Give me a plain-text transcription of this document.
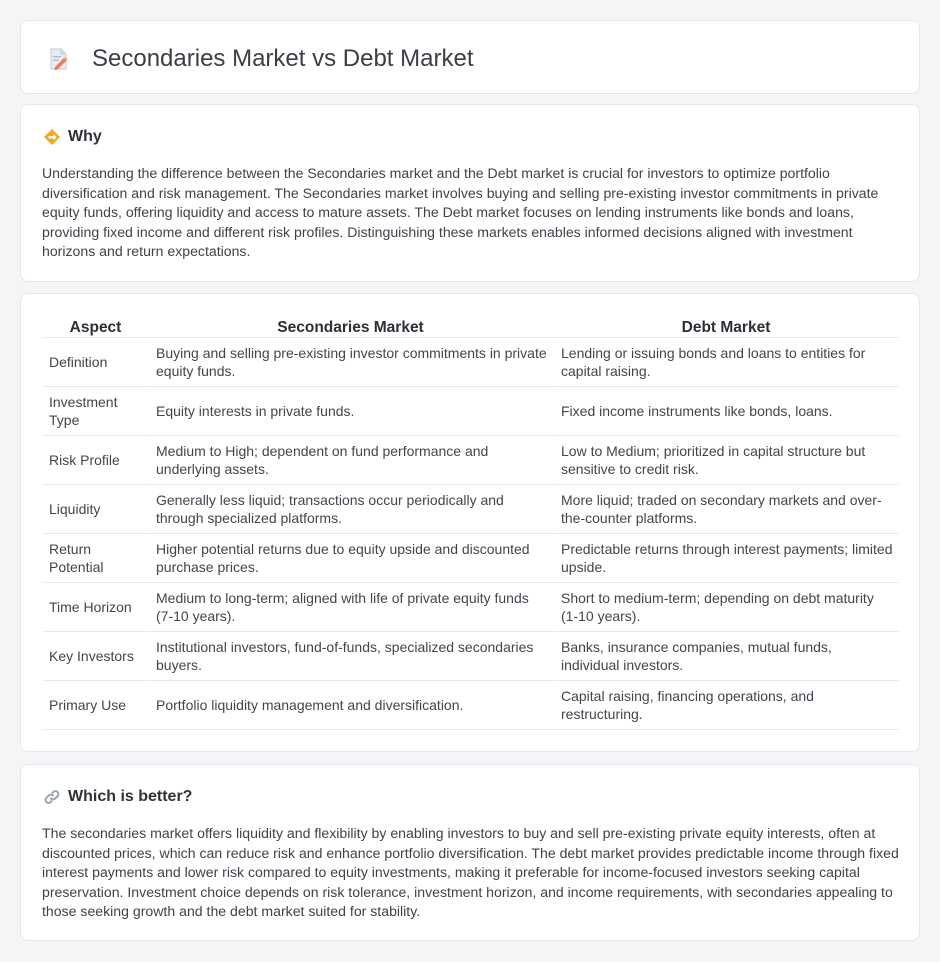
Secondaries Market vs Debt Market
Why

Understanding the difference between the Secondaries market and the Debt market is crucial for investors to optimize portfolio diversification and risk management. The Secondaries market involves buying and selling pre-existing investor commitments in private equity funds, offering liquidity and access to mature assets. The Debt market focuses on lending instruments like bonds and loans, providing fixed income and different risk profiles. Distinguishing these markets enables informed decisions aligned with investment horizons and return expectations.

Aspect	Secondaries Market	Debt Market
Definition	Buying and selling pre-existing investor commitments in private equity funds.	Lending or issuing bonds and loans to entities for capital raising.
Investment Type	Equity interests in private funds.	Fixed income instruments like bonds, loans.
Risk Profile	Medium to High; dependent on fund performance and underlying assets.	Low to Medium; prioritized in capital structure but sensitive to credit risk.
Liquidity	Generally less liquid; transactions occur periodically and through specialized platforms.	More liquid; traded on secondary markets and over-the-counter platforms.
Return Potential	Higher potential returns due to equity upside and discounted purchase prices.	Predictable returns through interest payments; limited upside.
Time Horizon	Medium to long-term; aligned with life of private equity funds (7-10 years).	Short to medium-term; depending on debt maturity (1-10 years).
Key Investors	Institutional investors, fund-of-funds, specialized secondaries buyers.	Banks, insurance companies, mutual funds, individual investors.
Primary Use	Portfolio liquidity management and diversification.	Capital raising, financing operations, and restructuring.
Which is better?

The secondaries market offers liquidity and flexibility by enabling investors to buy and sell pre-existing private equity interests, often at discounted prices, which can reduce risk and enhance portfolio diversification. The debt market provides predictable income through fixed interest payments and lower risk compared to equity investments, making it preferable for income-focused investors seeking capital preservation. Investment choice depends on risk tolerance, investment horizon, and income requirements, with secondaries appealing to those seeking growth and the debt market suited for stability.
